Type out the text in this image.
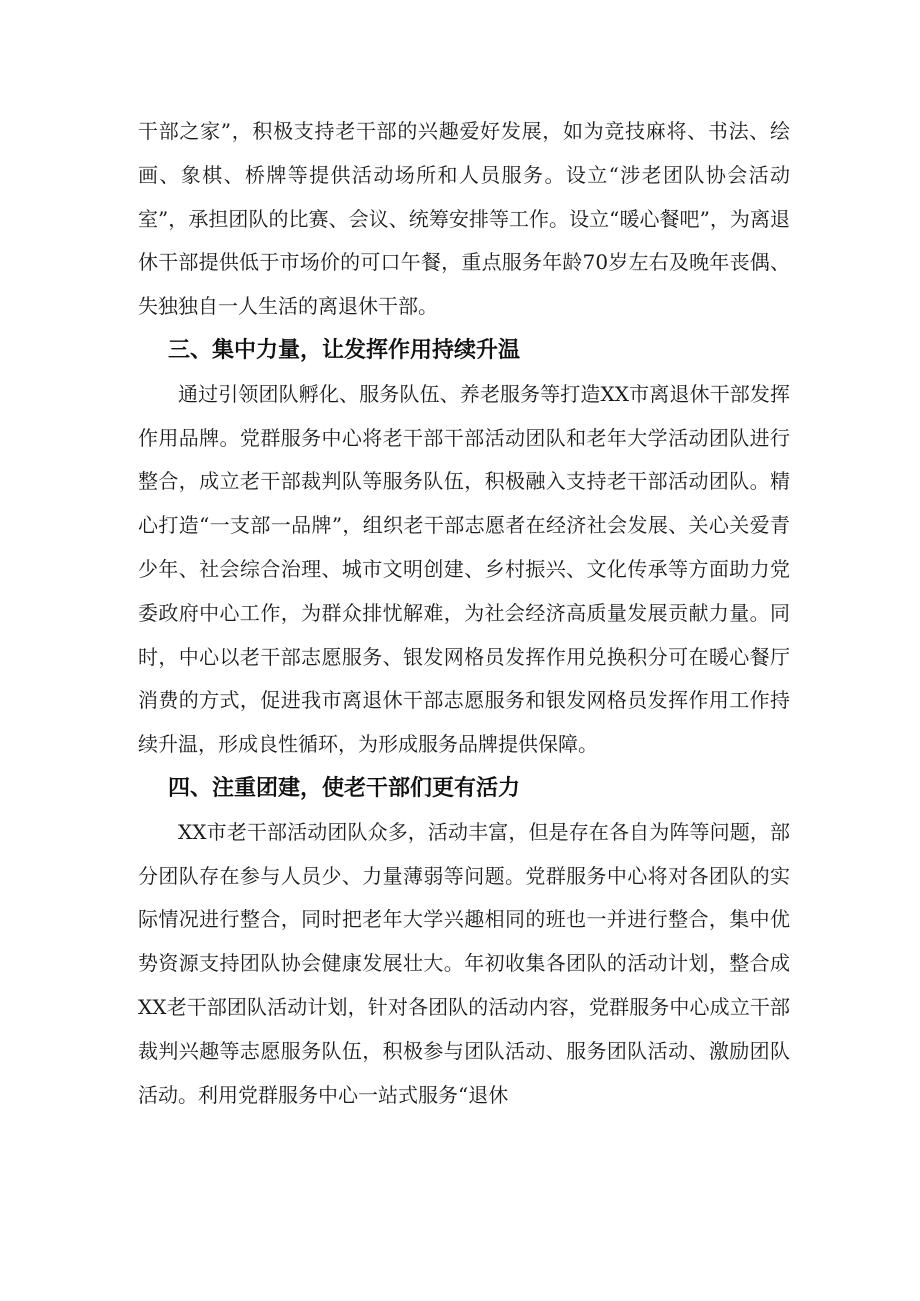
干部之家”，积极支持老干部的兴趣爱好发展，如为竞技麻将、书法、绘画、象棋、桥牌等提供活动场所和人员服务。设立“涉老团队协会活动室”，承担团队的比赛、会议、统筹安排等工作。设立“暖心餐吧”，为离退休干部提供低于市场价的可口午餐，重点服务年龄70岁左右及晚年丧偶、失独独自一人生活的离退休干部。

三、集中力量，让发挥作用持续升温

通过引领团队孵化、服务队伍、养老服务等打造XX市离退休干部发挥作用品牌。党群服务中心将老干部干部活动团队和老年大学活动团队进行整合，成立老干部裁判队等服务队伍，积极融入支持老干部活动团队。精心打造“一支部一品牌”，组织老干部志愿者在经济社会发展、关心关爱青少年、社会综合治理、城市文明创建、乡村振兴、文化传承等方面助力党委政府中心工作，为群众排忧解难，为社会经济高质量发展贡献力量。同时，中心以老干部志愿服务、银发网格员发挥作用兑换积分可在暖心餐厅消费的方式，促进我市离退休干部志愿服务和银发网格员发挥作用工作持续升温，形成良性循环，为形成服务品牌提供保障。

四、注重团建，使老干部们更有活力

XX市老干部活动团队众多，活动丰富，但是存在各自为阵等问题，部分团队存在参与人员少、力量薄弱等问题。党群服务中心将对各团队的实际情况进行整合，同时把老年大学兴趣相同的班也一并进行整合，集中优势资源支持团队协会健康发展壮大。年初收集各团队的活动计划，整合成XX老干部团队活动计划，针对各团队的活动内容，党群服务中心成立干部裁判兴趣等志愿服务队伍，积极参与团队活动、服务团队活动、激励团队活动。利用党群服务中心一站式服务“退休
